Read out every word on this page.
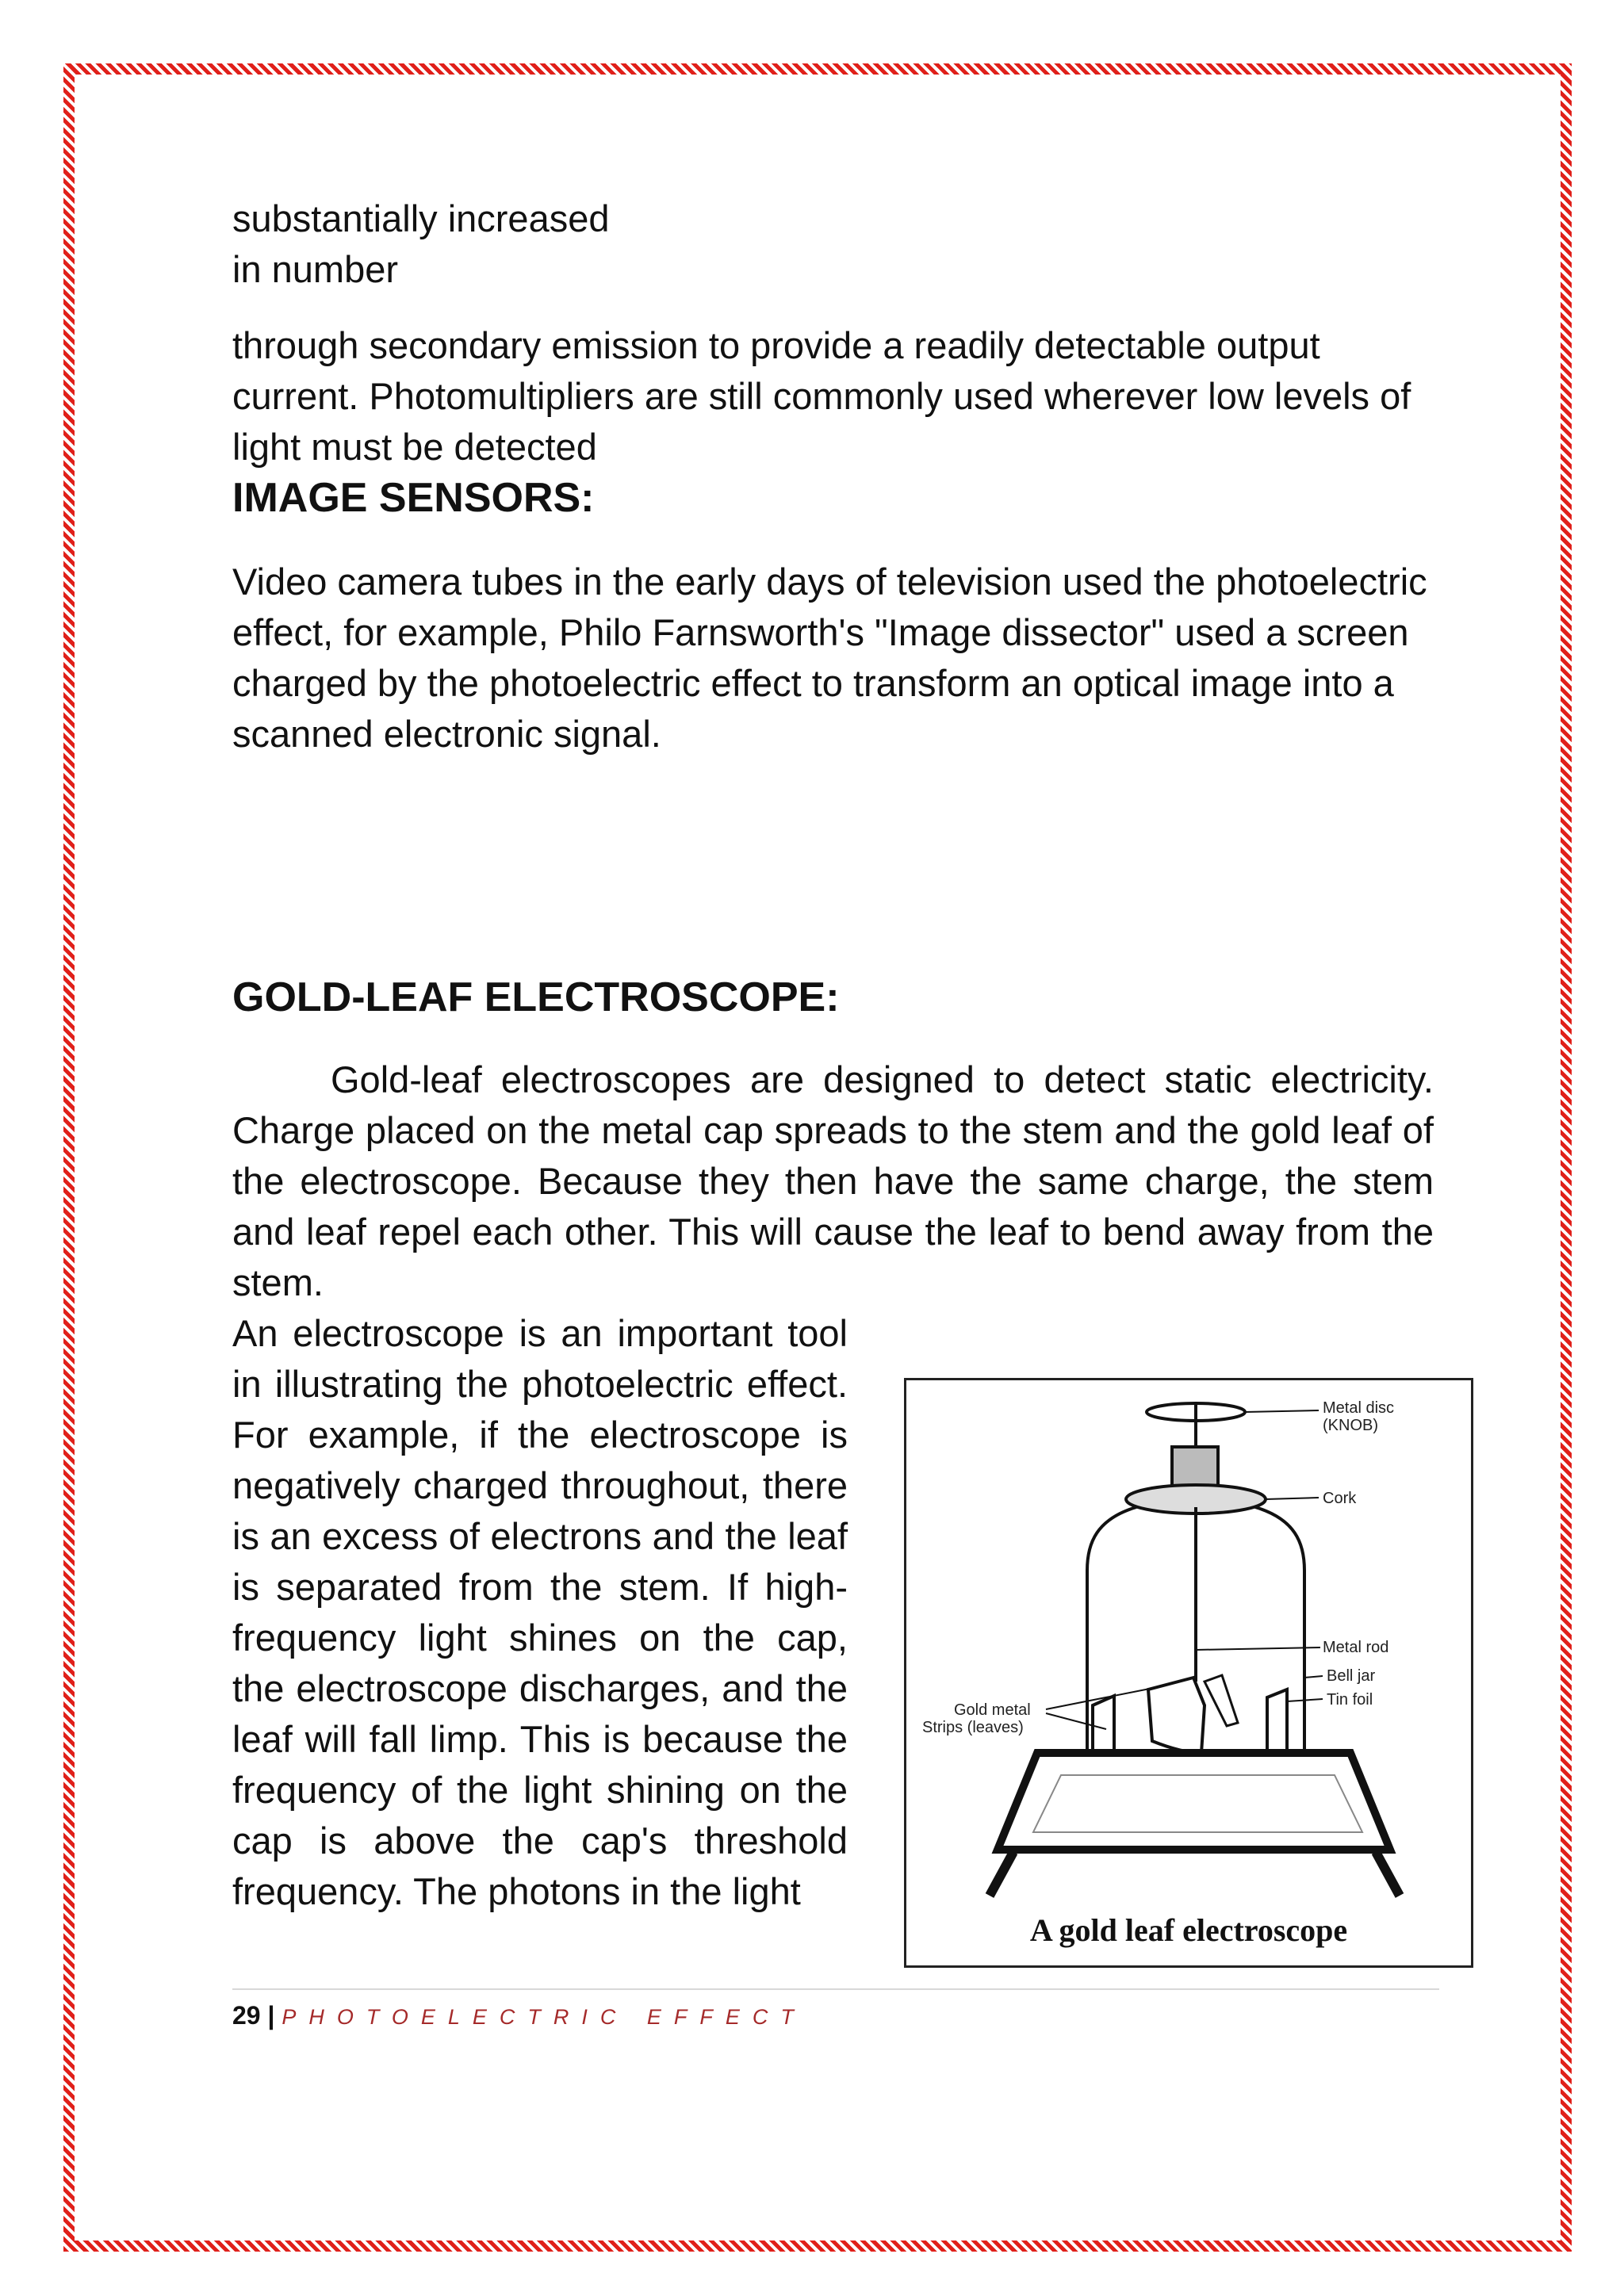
substantially increased

in number

through secondary emission to provide a readily detectable output current. Photomultipliers are still commonly used wherever low levels of light must be detected

IMAGE SENSORS:

Video camera tubes in the early days of television used the photoelectric effect, for example, Philo Farnsworth's "Image dissector" used a screen charged by the photoelectric effect to transform an optical image into a scanned electronic signal.

GOLD-LEAF ELECTROSCOPE:

Gold-leaf electroscopes are designed to detect static electricity. Charge placed on the metal cap spreads to the stem and the gold leaf of the electroscope. Because they then have the same charge, the stem and leaf repel each other. This will cause the leaf to bend away from the stem.

An electroscope is an important tool in illustrating the photoelectric effect. For example, if the electroscope is negatively charged throughout, there is an excess of electrons and the leaf is separated from the stem. If high-frequency light shines on the cap, the electroscope discharges, and the leaf will fall limp. This is because the frequency of the light shining on the cap is above the cap's threshold frequency. The photons in the light

Metal disc
(KNOB)
Cork
Metal rod
Bell jar
Tin foil
Gold metal
Strips (leaves)
A gold leaf electroscope
29 | PHOTOELECTRIC EFFECT
